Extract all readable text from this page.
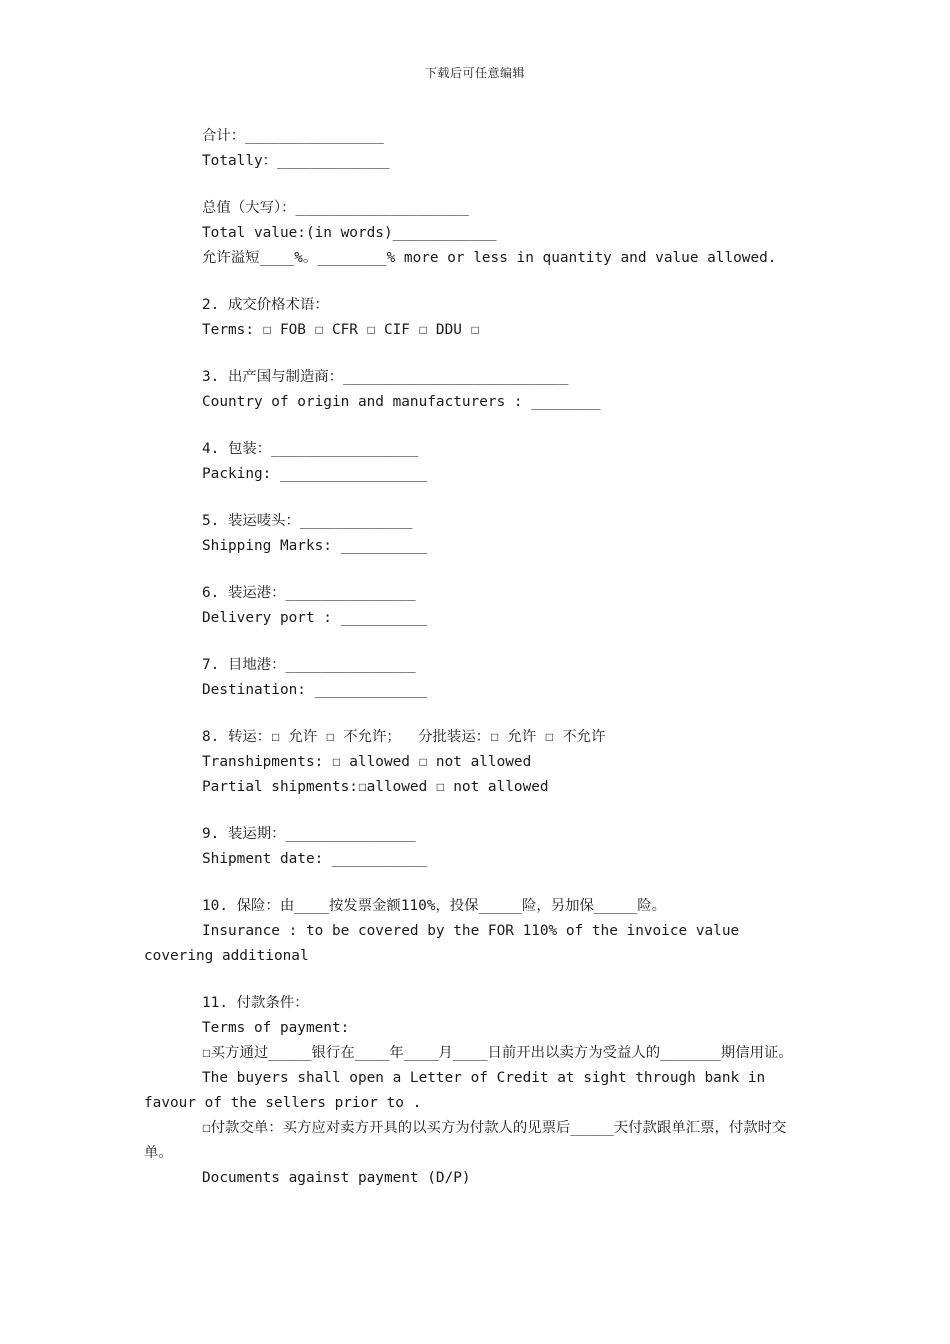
下载后可任意编辑
合计：________________
Totally：_____________
总值（大写）：____________________
Total value:(in words)____________
允许溢短____%。________% more or less in quantity and value allowed.
2. 成交价格术语：
Terms: ☐ FOB ☐ CFR ☐ CIF ☐ DDU ☐
3. 出产国与制造商：__________________________
Country of origin and manufacturers : ________
4. 包装：_________________
Packing: _________________
5. 装运唛头：_____________
Shipping Marks: __________
6. 装运港：_______________
Delivery port : __________
7. 目地港：_______________
Destination: _____________
8. 转运：☐ 允许 ☐ 不允许；  分批装运：☐ 允许 ☐ 不允许
Transhipments: ☐ allowed ☐ not allowed
Partial shipments:☐allowed ☐ not allowed
9. 装运期：_______________
Shipment date: ___________
10. 保险：由____按发票金额110%，投保_____险，另加保_____险。
Insurance : to be covered by the FOR 110% of the invoice value covering additional
11. 付款条件：
Terms of payment:
☐买方通过_____银行在____年____月____日前开出以卖方为受益人的_______期信用证。
The buyers shall open a Letter of Credit at sight through bank in favour of the sellers prior to .
☐付款交单：买方应对卖方开具的以买方为付款人的见票后_____天付款跟单汇票，付款时交单。
Documents against payment (D/P)
